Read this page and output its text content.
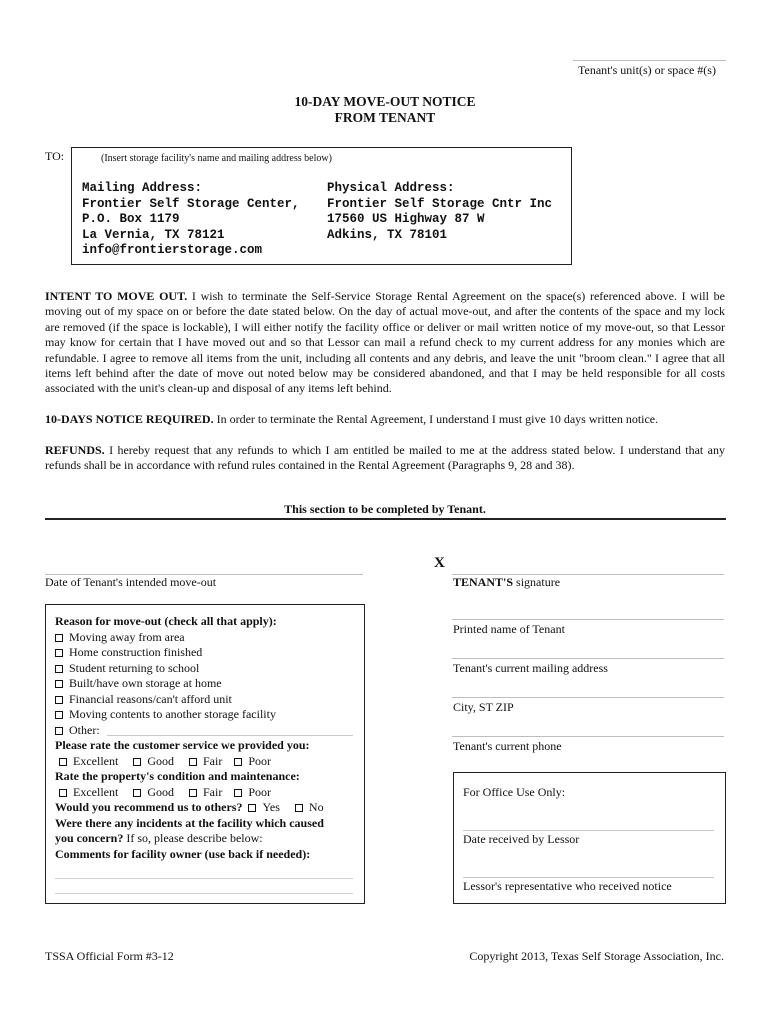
Tenant's unit(s) or space #(s)
10-DAY MOVE-OUT NOTICE
FROM TENANT
TO:	(Insert storage facility's name and mailing address below)
Mailing Address:
Frontier Self Storage Center,
P.O. Box 1179
La Vernia, TX 78121
info@frontierstorage.com
Physical Address:
Frontier Self Storage Cntr Inc
17560 US Highway 87 W
Adkins, TX 78101
INTENT TO MOVE OUT. I wish to terminate the Self-Service Storage Rental Agreement on the space(s) referenced above. I will be moving out of my space on or before the date stated below. On the day of actual move-out, and after the contents of the space and my lock are removed (if the space is lockable), I will either notify the facility office or deliver or mail written notice of my move-out, so that Lessor may know for certain that I have moved out and so that Lessor can mail a refund check to my current address for any monies which are refundable. I agree to remove all items from the unit, including all contents and any debris, and leave the unit "broom clean." I agree that all items left behind after the date of move out noted below may be considered abandoned, and that I may be held responsible for all costs associated with the unit's clean-up and disposal of any items left behind.
10-DAYS NOTICE REQUIRED. In order to terminate the Rental Agreement, I understand I must give 10 days written notice.
REFUNDS. I hereby request that any refunds to which I am entitled be mailed to me at the address stated below. I understand that any refunds shall be in accordance with refund rules contained in the Rental Agreement (Paragraphs 9, 28 and 38).
This section to be completed by Tenant.
Date of Tenant's intended move-out
X
TENANT'S signature
Printed name of Tenant
Tenant's current mailing address
City, ST ZIP
Tenant's current phone
Reason for move-out (check all that apply):
Moving away from area
Home construction finished
Student returning to school
Built/have own storage at home
Financial reasons/can't afford unit
Moving contents to another storage facility
Other:
Please rate the customer service we provided you:
Excellent Good Fair Poor
Rate the property's condition and maintenance:
Excellent Good Fair Poor
Would you recommend us to others? Yes No
Were there any incidents at the facility which caused
you concern? If so, please describe below:
Comments for facility owner (use back if needed):
For Office Use Only:
Date received by Lessor
Lessor's representative who received notice
TSSA Official Form #3-12	Copyright 2013, Texas Self Storage Association, Inc.
